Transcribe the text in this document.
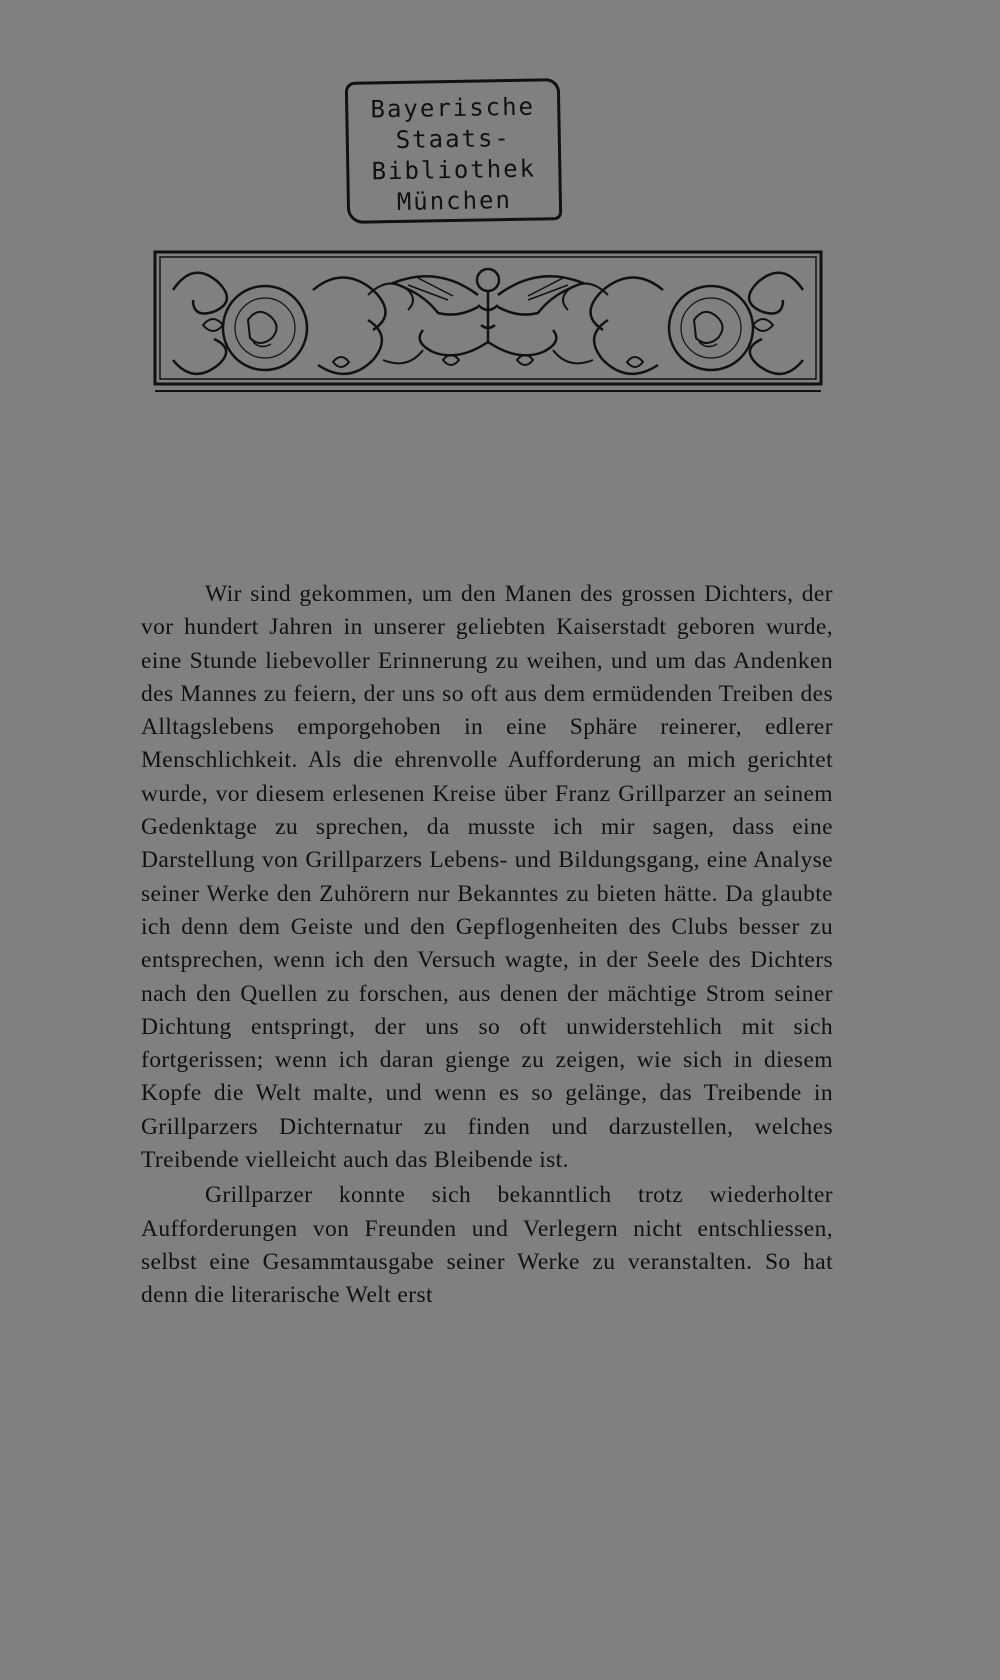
Bayerische
Staats-
Bibliothek
München

Wir sind gekommen, um den Manen des grossen Dichters, der vor hundert Jahren in unserer geliebten Kaiserstadt geboren wurde, eine Stunde liebevoller Erinnerung zu weihen, und um das Andenken des Mannes zu feiern, der uns so oft aus dem ermüdenden Treiben des Alltagslebens emporgehoben in eine Sphäre reinerer, edlerer Menschlichkeit. Als die ehrenvolle Aufforderung an mich gerichtet wurde, vor diesem erlesenen Kreise über Franz Grillparzer an seinem Gedenktage zu sprechen, da musste ich mir sagen, dass eine Darstellung von Grillparzers Lebens- und Bildungsgang, eine Analyse seiner Werke den Zuhörern nur Bekanntes zu bieten hätte. Da glaubte ich denn dem Geiste und den Gepflogenheiten des Clubs besser zu entsprechen, wenn ich den Versuch wagte, in der Seele des Dichters nach den Quellen zu forschen, aus denen der mächtige Strom seiner Dichtung entspringt, der uns so oft unwiderstehlich mit sich fortgerissen; wenn ich daran gienge zu zeigen, wie sich in diesem Kopfe die Welt malte, und wenn es so gelänge, das Treibende in Grillparzers Dichternatur zu finden und darzustellen, welches Treibende vielleicht auch das Bleibende ist.

Grillparzer konnte sich bekanntlich trotz wiederholter Aufforderungen von Freunden und Verlegern nicht entschliessen, selbst eine Gesammtausgabe seiner Werke zu veranstalten. So hat denn die literarische Welt erst
